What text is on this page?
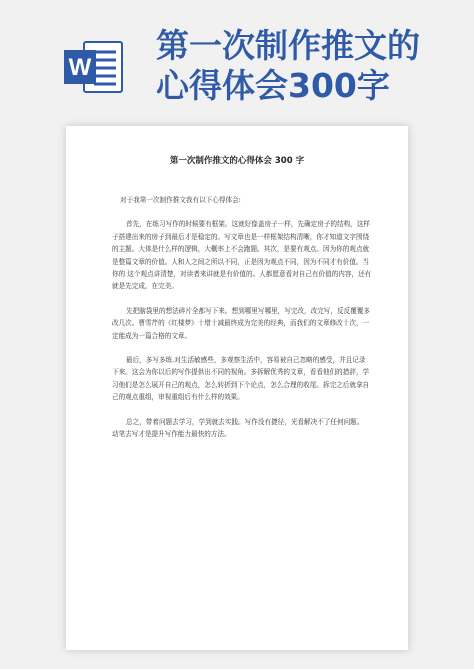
W
第一次制作推文的
心得体会300字
第一次制作推文的心得体会 300 字

对于我第一次制作推文我有以下心得体会:

首先，在练习写作的时候要有框架。这就好像盖房子一样，先确定房子的结构，这样子搭建出来的房子到最后才是稳定的。写文章也是一样框架结构清晰，你才知道文字围绕的主题。大体是什么样的逻辑，大概率上不会跑题。其次，是要有观点。因为你的观点就是整篇文章的价值。人和人之间之所以不同，正是因为观点不同，因为不同才有价值。当你的 这个观点讲清楚，对读者来讲就是有价值的。人都愿意看对自己有价值的内容，还有就是先完成，在完美。

先把脑袋里的想法碎片全都写下来。想到哪里写哪里，写完改，改完写，反反覆覆多改几次。曹雪芹的《红楼梦》十增十减最终成为完美的经典，而我们的文章修改十次，一定能成为一篇合格的文章。

最后，多写多练.对生活敏感些，多观察生活中，容易被自己忽略的感受，并且记录下来。这会为你以后的写作提供出不同的视角。多拆解优秀的文章，看看他们的措辞，学习他们是怎么展开自己的观点，怎么转折到下个论点，怎么合理的收尾。拆完之后就拿自己的观点重组，审视重组后有什么样的效果。

总之，带着问题去学习，学到就去实践。写作没有捷径，光看解决不了任何问题。 动笔去写才是提升写作能力最快的方法。
